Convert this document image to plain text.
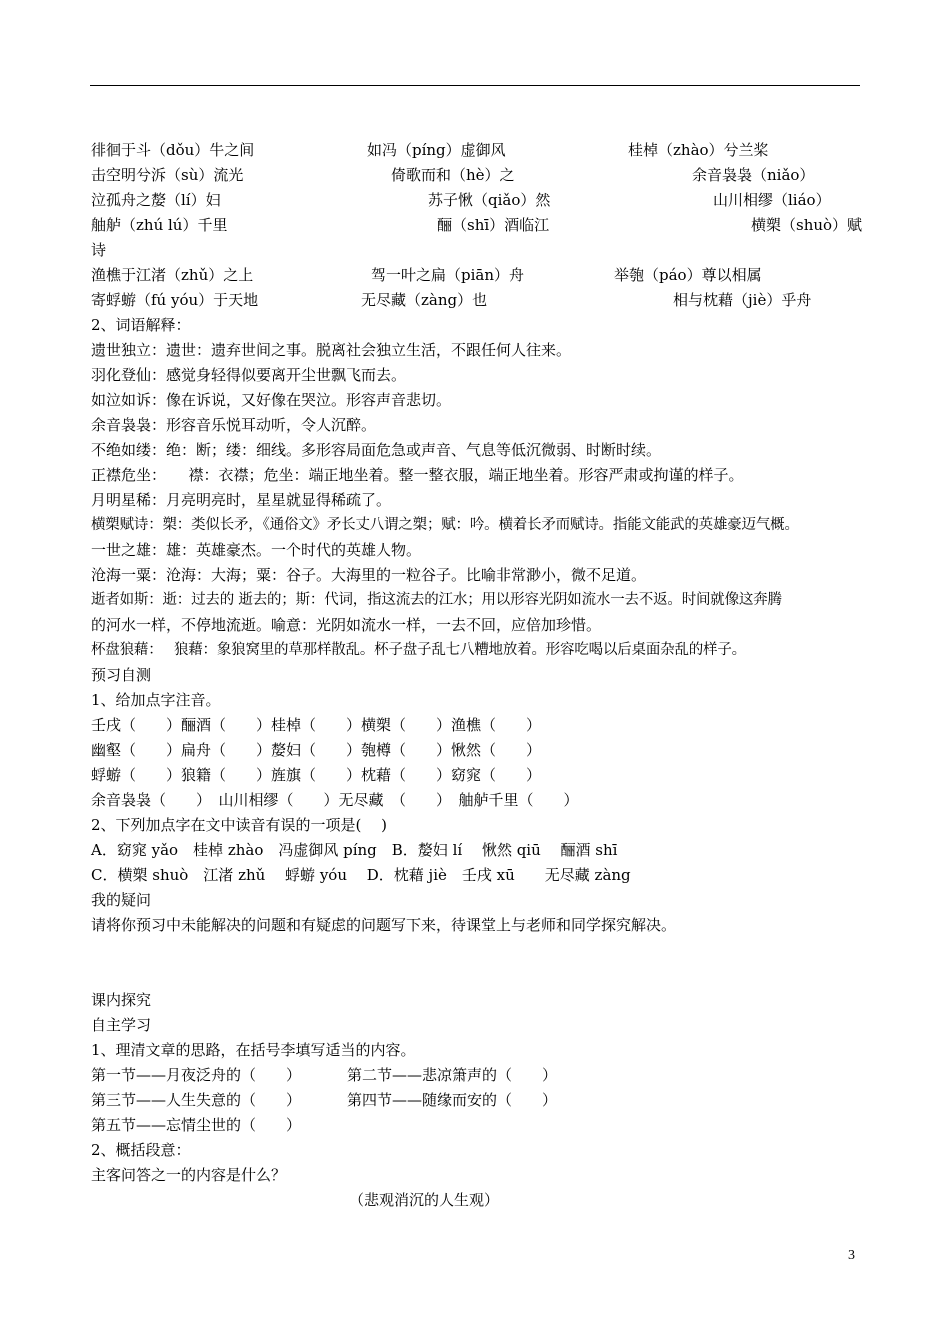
徘徊于斗（dǒu）牛之间	如冯（píng）虚御风	桂棹（zhào）兮兰桨
击空明兮泝（sù）流光	倚歌而和（hè）之	余音袅袅（niǎo）
泣孤舟之嫠（lí）妇	苏子愀（qiǎo）然	山川相缪（liáo）
舳舻（zhú lú）千里	酾（shī）酒临江	横槊（shuò）赋
诗
渔樵于江渚（zhǔ）之上	驾一叶之扁（piān）舟	举匏（páo）尊以相属
寄蜉蝣（fú yóu）于天地	无尽藏（zàng）也	相与枕藉（jiè）乎舟
2、词语解释：
遗世独立：遗世：遗弃世间之事。脱离社会独立生活，不跟任何人往来。
羽化登仙：感觉身轻得似要离开尘世飘飞而去。
如泣如诉：像在诉说，又好像在哭泣。形容声音悲切。
余音袅袅：形容音乐悦耳动听，令人沉醉。
不绝如缕：绝：断；缕：细线。多形容局面危急或声音、气息等低沉微弱、时断时续。
正襟危坐：　　襟：衣襟；危坐：端正地坐着。整一整衣服，端正地坐着。形容严肃或拘谨的样子。
月明星稀：月亮明亮时，星星就显得稀疏了。
横槊赋诗：槊：类似长矛，《通俗文》矛长丈八谓之槊；赋：吟。横着长矛而赋诗。指能文能武的英雄豪迈气概。
一世之雄：雄：英雄豪杰。一个时代的英雄人物。
沧海一粟：沧海：大海；粟：谷子。大海里的一粒谷子。比喻非常渺小，微不足道。
逝者如斯：逝：过去的 逝去的；斯：代词，指这流去的江水；用以形容光阴如流水一去不返。时间就像这奔腾
的河水一样，不停地流逝。喻意：光阴如流水一样，一去不回，应倍加珍惜。
杯盘狼藉：　 狼藉：象狼窝里的草那样散乱。杯子盘子乱七八糟地放着。形容吃喝以后桌面杂乱的样子。
预习自测
1、给加点字注音。
壬戌（　　）酾酒（　　）桂棹（　　）横槊（　　）渔樵（　　）
幽壑（　　）扁舟（　　）嫠妇（　　）匏樽（　　）愀然（　　）
蜉蝣（　　）狼籍（　　）旌旗（　　）枕藉（　　）窈窕（　　）
余音袅袅（　　）　山川相缪（　　）无尽藏　（　　）　舳舻千里（　　）
2、下列加点字在文中读音有误的一项是(　 )
A．窈窕 yǎo　桂棹 zhào　冯虚御风 píng　B．嫠妇 lí　 愀然 qiū　 酾酒 shī
C．横槊 shuò　江渚 zhǔ　 蜉蝣 yóu　 D．枕藉 jiè　壬戌 xū　　无尽藏 zàng
我的疑问
请将你预习中未能解决的问题和有疑虑的问题写下来，待课堂上与老师和同学探究解决。
课内探究
自主学习
1、理清文章的思路，在括号李填写适当的内容。
第一节——月夜泛舟的（　　）	第二节——悲凉箫声的（　　）
第三节——人生失意的（　　）	第四节——随缘而安的（　　）
第五节——忘情尘世的（　　）
2、概括段意：
主客问答之一的内容是什么？
（悲观消沉的人生观）
3
